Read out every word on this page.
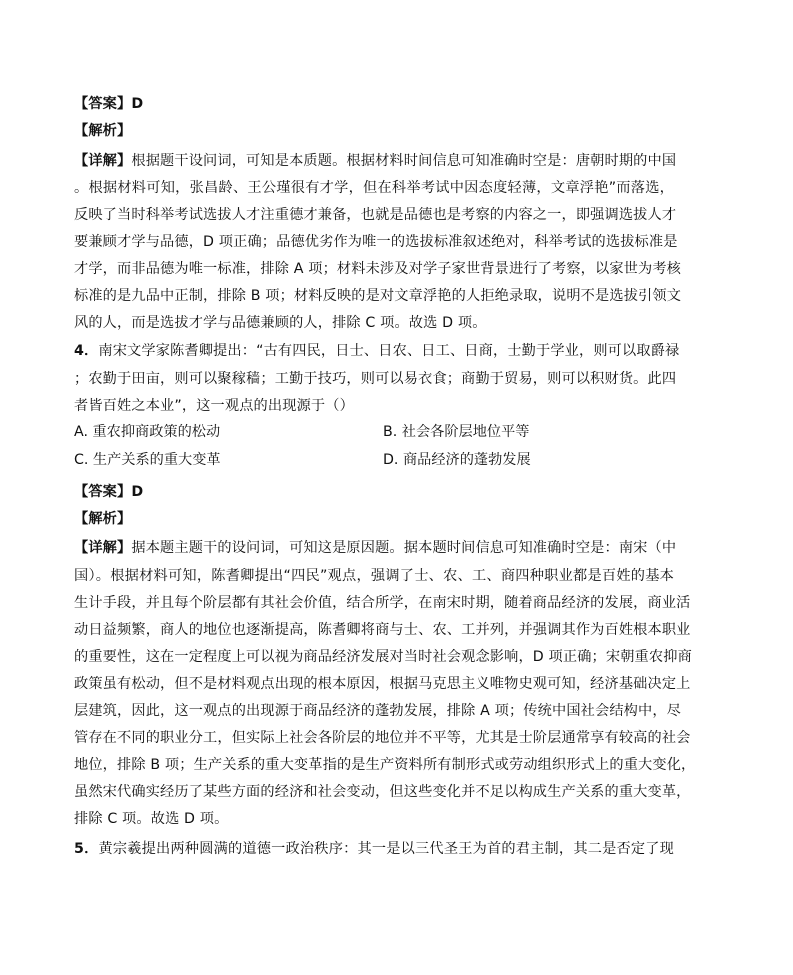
【答案】D
【解析】
【详解】根据题干设问词，可知是本质题。根据材料时间信息可知准确时空是：唐朝时期的中国
。根据材料可知，张昌龄、王公瑾很有才学，但在科举考试中因态度轻薄，文章浮艳”而落选，
反映了当时科举考试选拔人才注重德才兼备，也就是品德也是考察的内容之一，即强调选拔人才
要兼顾才学与品德，D 项正确；品德优劣作为唯一的选拔标准叙述绝对，科举考试的选拔标准是
才学，而非品德为唯一标准，排除 A 项；材料未涉及对学子家世背景进行了考察，以家世为考核
标准的是九品中正制，排除 B 项；材料反映的是对文章浮艳的人拒绝录取，说明不是选拔引领文
风的人，而是选拔才学与品德兼顾的人，排除 C 项。故选 D 项。
4．南宋文学家陈耆卿提出：“古有四民，日士、日农、日工、日商，士勤于学业，则可以取爵禄
；农勤于田亩，则可以聚稼穑；工勤于技巧，则可以易衣食；商勤于贸易，则可以积财货。此四
者皆百姓之本业”，这一观点的出现源于（）
A. 重农抑商政策的松动	B. 社会各阶层地位平等
C. 生产关系的重大变革	D. 商品经济的蓬勃发展
【答案】D
【解析】
【详解】据本题主题干的设问词，可知这是原因题。据本题时间信息可知准确时空是：南宋（中
国）。根据材料可知，陈耆卿提出“四民”观点，强调了士、农、工、商四种职业都是百姓的基本
生计手段，并且每个阶层都有其社会价值，结合所学，在南宋时期，随着商品经济的发展，商业活
动日益频繁，商人的地位也逐渐提高，陈耆卿将商与士、农、工并列，并强调其作为百姓根本职业
的重要性，这在一定程度上可以视为商品经济发展对当时社会观念影响，D 项正确；宋朝重农抑商
政策虽有松动，但不是材料观点出现的根本原因，根据马克思主义唯物史观可知，经济基础决定上
层建筑，因此，这一观点的出现源于商品经济的蓬勃发展，排除 A 项；传统中国社会结构中，尽
管存在不同的职业分工，但实际上社会各阶层的地位并不平等，尤其是士阶层通常享有较高的社会
地位，排除 B 项；生产关系的重大变革指的是生产资料所有制形式或劳动组织形式上的重大变化，
虽然宋代确实经历了某些方面的经济和社会变动，但这些变化并不足以构成生产关系的重大变革，
排除 C 项。故选 D 项。
5．黄宗羲提出两种圆满的道德一政治秩序：其一是以三代圣王为首的君主制，其二是否定了现
